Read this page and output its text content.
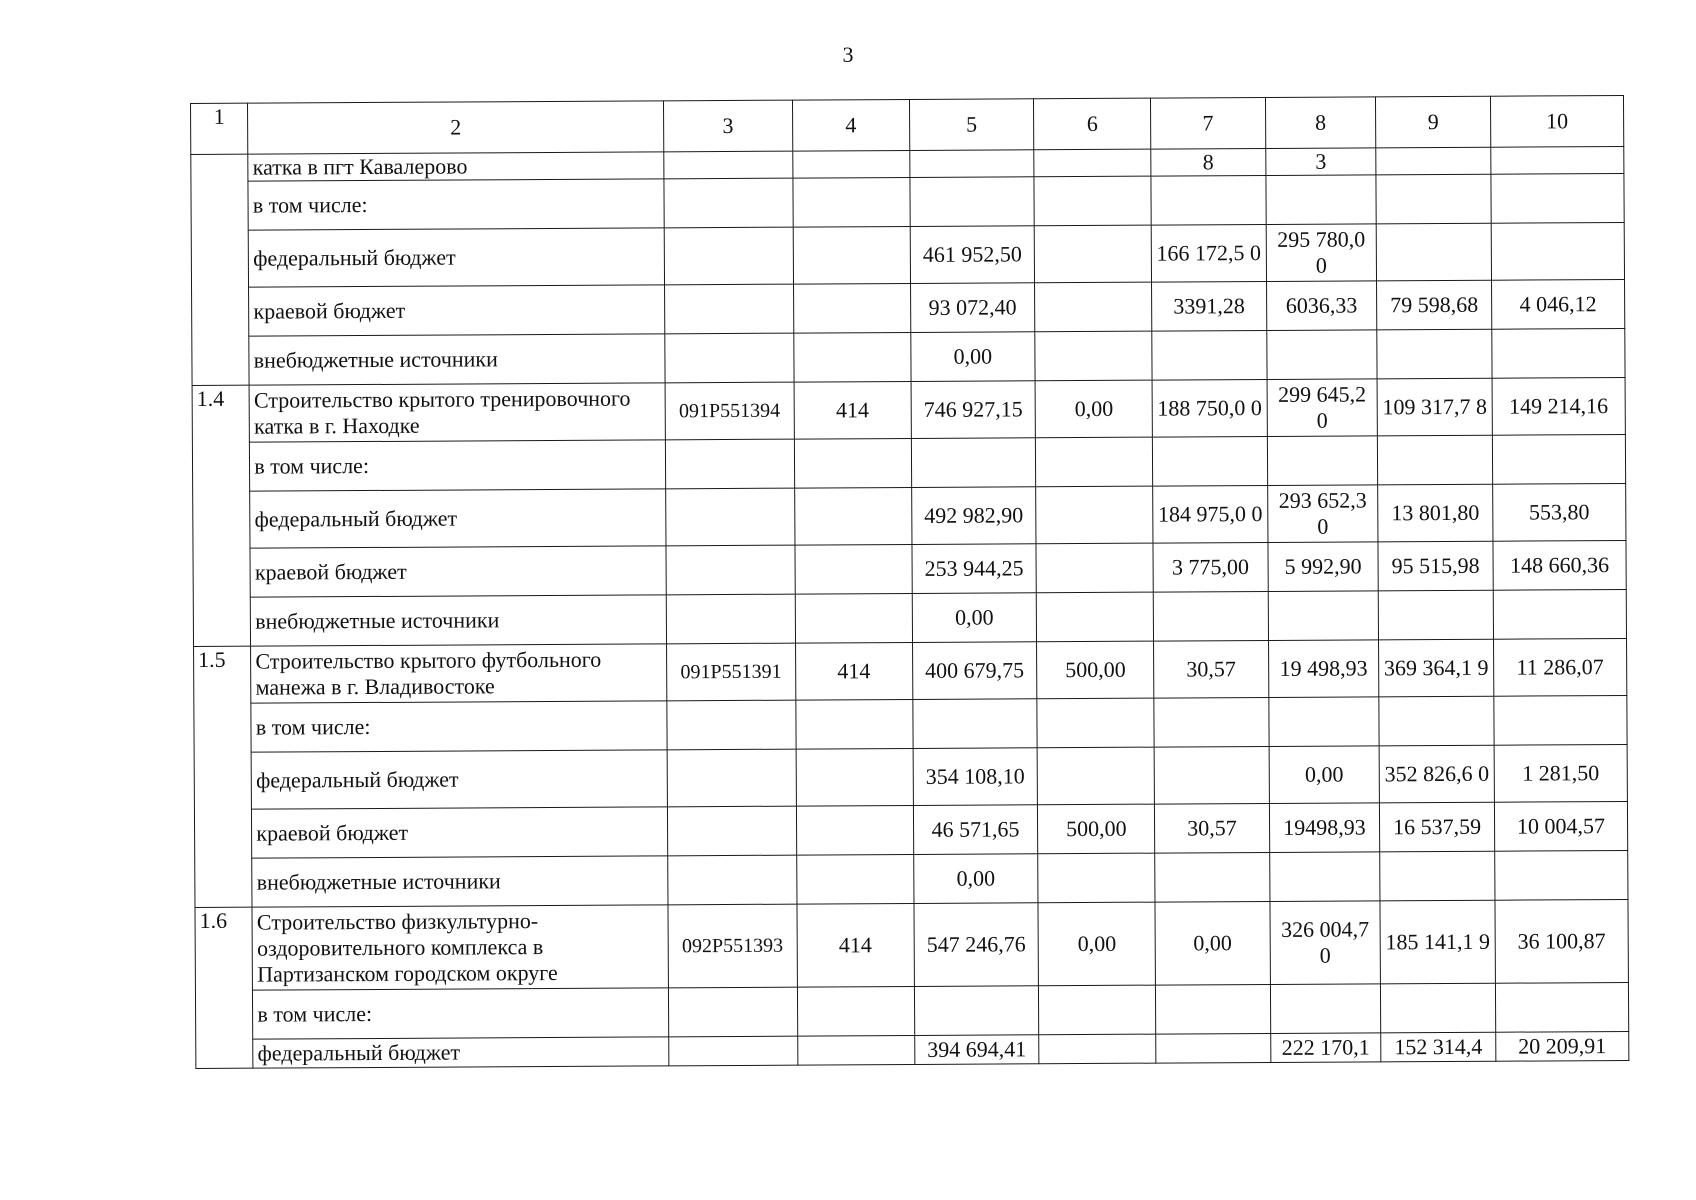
3
1	2	3	4	5	6	7	8	9	10
	катка в пгт Кавалерово					8	3		
	в том числе:								
	федеральный бюджет			461 952,50		166 172,5 0	295 780,0 0		
	краевой бюджет			93 072,40		3391,28	6036,33	79 598,68	4 046,12
	внебюджетные источники			0,00					
1.4	Строительство крытого тренировочного катка в г. Находке	091P551394	414	746 927,15	0,00	188 750,0 0	299 645,2 0	109 317,7 8	149 214,16
	в том числе:								
	федеральный бюджет			492 982,90		184 975,0 0	293 652,3 0	13 801,80	553,80
	краевой бюджет			253 944,25		3 775,00	5 992,90	95 515,98	148 660,36
	внебюджетные источники			0,00					
1.5	Строительство крытого футбольного манежа в г. Владивостоке	091P551391	414	400 679,75	500,00	30,57	19 498,93	369 364,1 9	11 286,07
	в том числе:								
	федеральный бюджет			354 108,10			0,00	352 826,6 0	1 281,50
	краевой бюджет			46 571,65	500,00	30,57	19498,93	16 537,59	10 004,57
	внебюджетные источники			0,00					
1.6	Строительство физкультурно-оздоровительного комплекса в Партизанском городском округе	092P551393	414	547 246,76	0,00	0,00	326 004,7 0	185 141,1 9	36 100,87
	в том числе:								
	федеральный бюджет			394 694,41			222 170,1	152 314,4	20 209,91
